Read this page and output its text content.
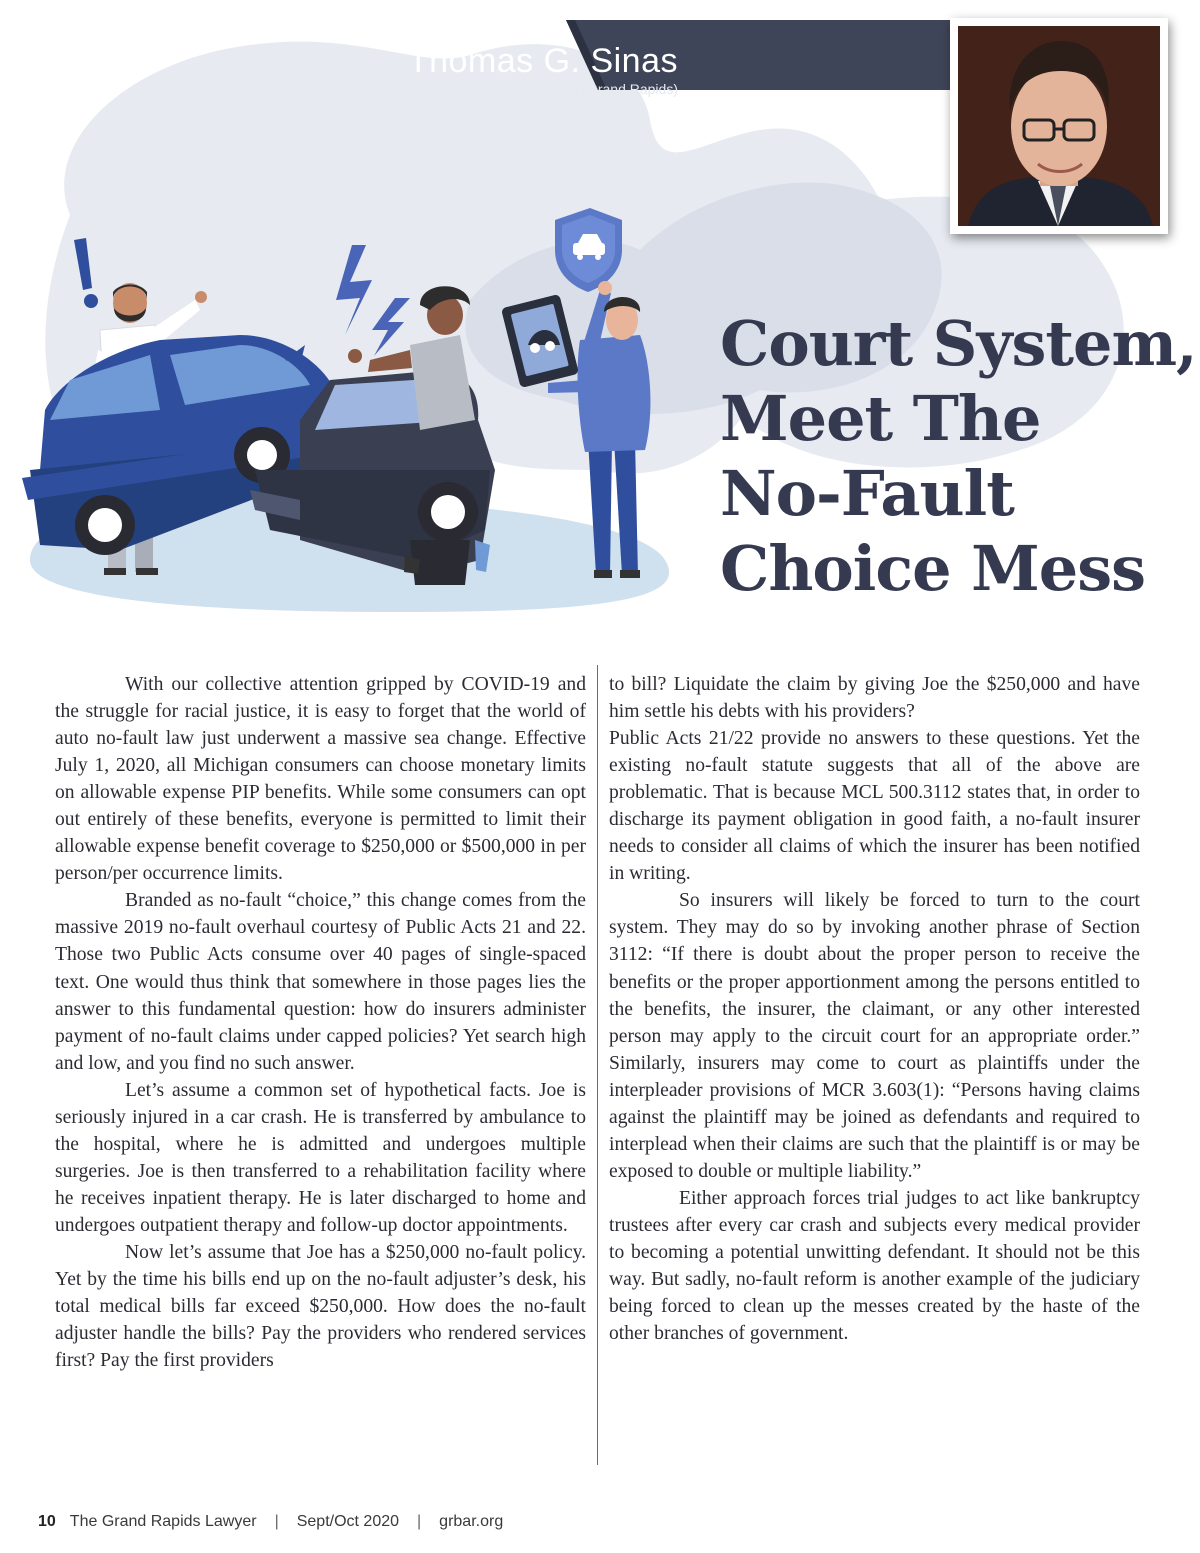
Thomas G. Sinas
Sinas Dramis Law Firm (Grand Rapids)
Court System,
Meet The
No-Fault
Choice Mess

With our collective attention gripped by COVID-19 and the struggle for racial justice, it is easy to forget that the world of auto no-fault law just underwent a massive sea change. Effective July 1, 2020, all Michigan consumers can choose monetary limits on allowable expense PIP benefits. While some consumers can opt out entirely of these benefits, everyone is permitted to limit their allowable expense benefit coverage to $250,000 or $500,000 in per person/per occurrence limits.

Branded as no-fault “choice,” this change comes from the massive 2019 no-fault overhaul courtesy of Public Acts 21 and 22. Those two Public Acts consume over 40 pages of single-spaced text. One would thus think that somewhere in those pages lies the answer to this fundamental question: how do insurers administer payment of no-fault claims under capped policies? Yet search high and low, and you find no such answer.

Let’s assume a common set of hypothetical facts. Joe is seriously injured in a car crash. He is transferred by ambulance to the hospital, where he is admitted and undergoes multiple surgeries. Joe is then transferred to a rehabilitation facility where he receives inpatient therapy. He is later discharged to home and undergoes outpatient therapy and follow-up doctor appointments.

Now let’s assume that Joe has a $250,000 no-fault policy. Yet by the time his bills end up on the no-fault adjuster’s desk, his total medical bills far exceed $250,000. How does the no-fault adjuster handle the bills? Pay the providers who rendered services first? Pay the first providers

to bill? Liquidate the claim by giving Joe the $250,000 and have him settle his debts with his providers?

Public Acts 21/22 provide no answers to these questions. Yet the existing no-fault statute suggests that all of the above are problematic. That is because MCL 500.3112 states that, in order to discharge its payment obligation in good faith, a no-fault insurer needs to consider all claims of which the insurer has been notified in writing.

So insurers will likely be forced to turn to the court system. They may do so by invoking another phrase of Section 3112: “If there is doubt about the proper person to receive the benefits or the proper apportionment among the persons entitled to the benefits, the insurer, the claimant, or any other interested person may apply to the circuit court for an appropriate order.” Similarly, insurers may come to court as plaintiffs under the interpleader provisions of MCR 3.603(1): “Persons having claims against the plaintiff may be joined as defendants and required to interplead when their claims are such that the plaintiff is or may be exposed to double or multiple liability.”

Either approach forces trial judges to act like bankruptcy trustees after every car crash and subjects every medical provider to becoming a potential unwitting defendant. It should not be this way. But sadly, no-fault reform is another example of the judiciary being forced to clean up the messes created by the haste of the other branches of government.

10 The Grand Rapids Lawyer | Sept/Oct 2020 | grbar.org
